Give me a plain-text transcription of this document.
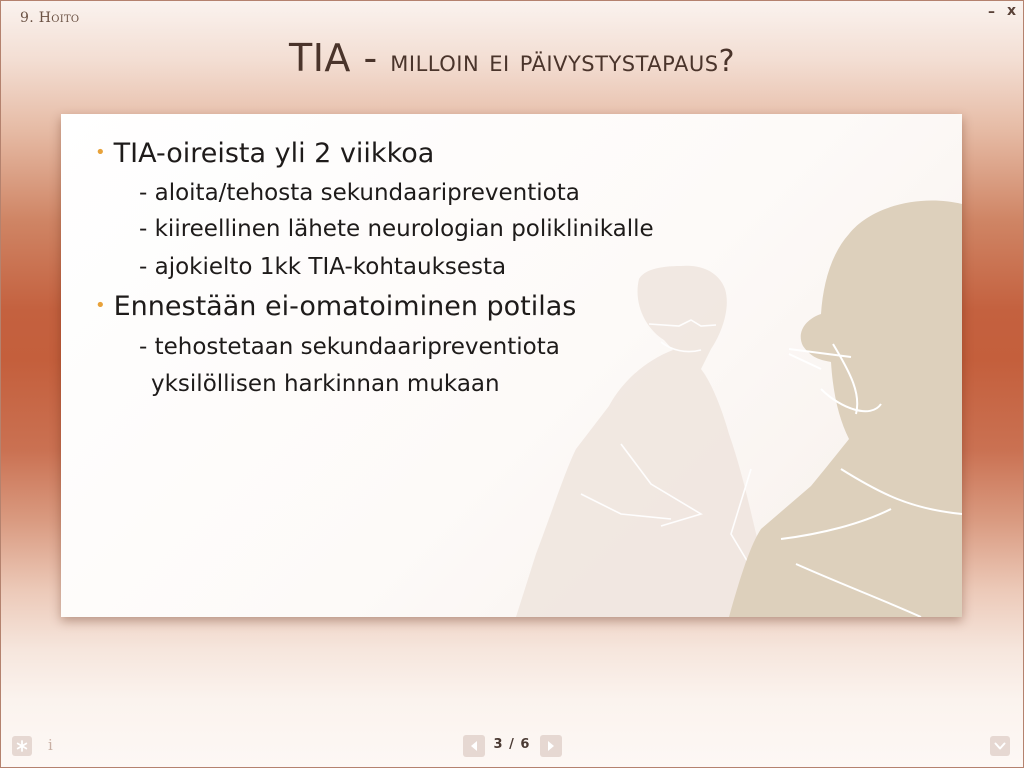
9. Hoito	– x
TIA - milloin ei päivystystapaus?
• TIA-oireista yli 2 viikkoa
- aloita/tehosta sekundaaripreventiota
- kiireellinen lähete neurologian poliklinikalle
- ajokielto 1kk TIA-kohtauksesta
• Ennestään ei-omatoiminen potilas
- tehostetaan sekundaaripreventiota
yksilöllisen harkinnan mukaan
i	3 / 6
